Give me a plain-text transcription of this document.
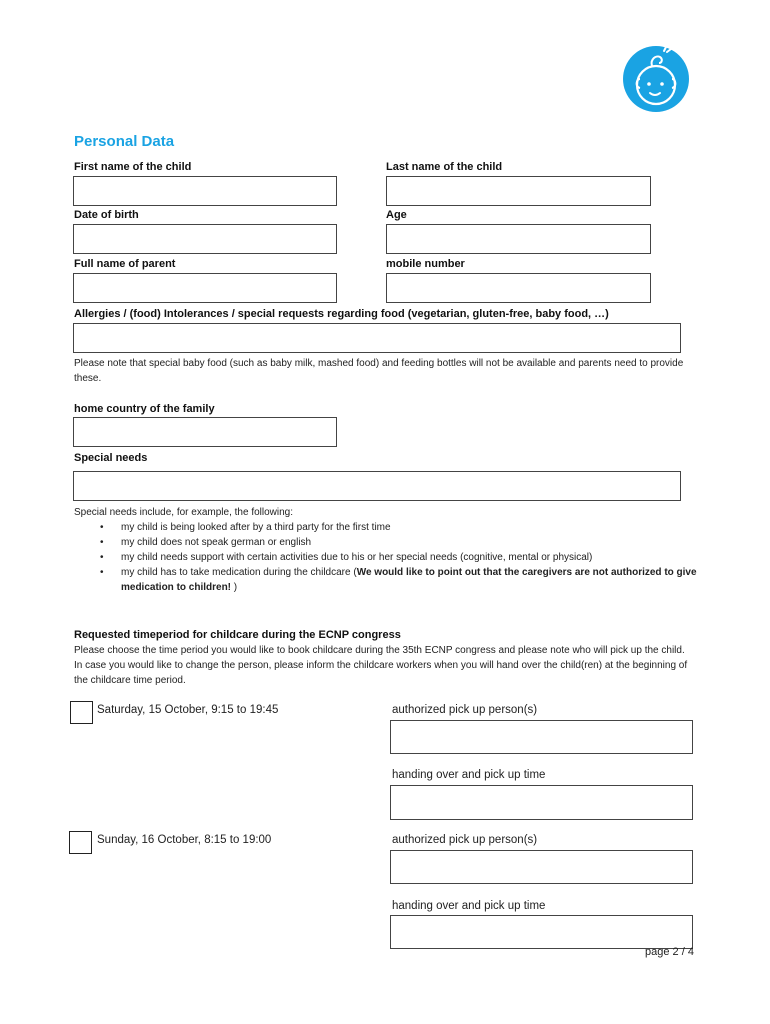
Personal Data
First name of the child	Last name of the child
Date of birth	Age
Full name of parent	mobile number
Allergies / (food) Intolerances / special requests regarding food (vegetarian, gluten-free, baby food, …)
Please note that special baby food (such as baby milk, mashed food) and feeding bottles will not be available and parents need to provide these.
home country of the family
Special needs
Special needs include, for example, the following:
• my child is being looked after by a third party for the first time
• my child does not speak german or english
• my child needs support with certain activities due to his or her special needs (cognitive, mental or physical)
• my child has to take medication during the childcare (We would like to point out that the caregivers are not authorized to give medication to children! )
Requested timeperiod for childcare during the ECNP congress
Please choose the time period you would like to book childcare during the 35th ECNP congress and please note who will pick up the child. In case you would like to change the person, please inform the childcare workers when you will hand over the child(ren) at the beginning of the childcare time period.
Saturday, 15 October, 9:15 to 19:45	authorized pick up person(s)
handing over and pick up time
Sunday, 16 October, 8:15 to 19:00	authorized pick up person(s)
handing over and pick up time
page 2 / 4
